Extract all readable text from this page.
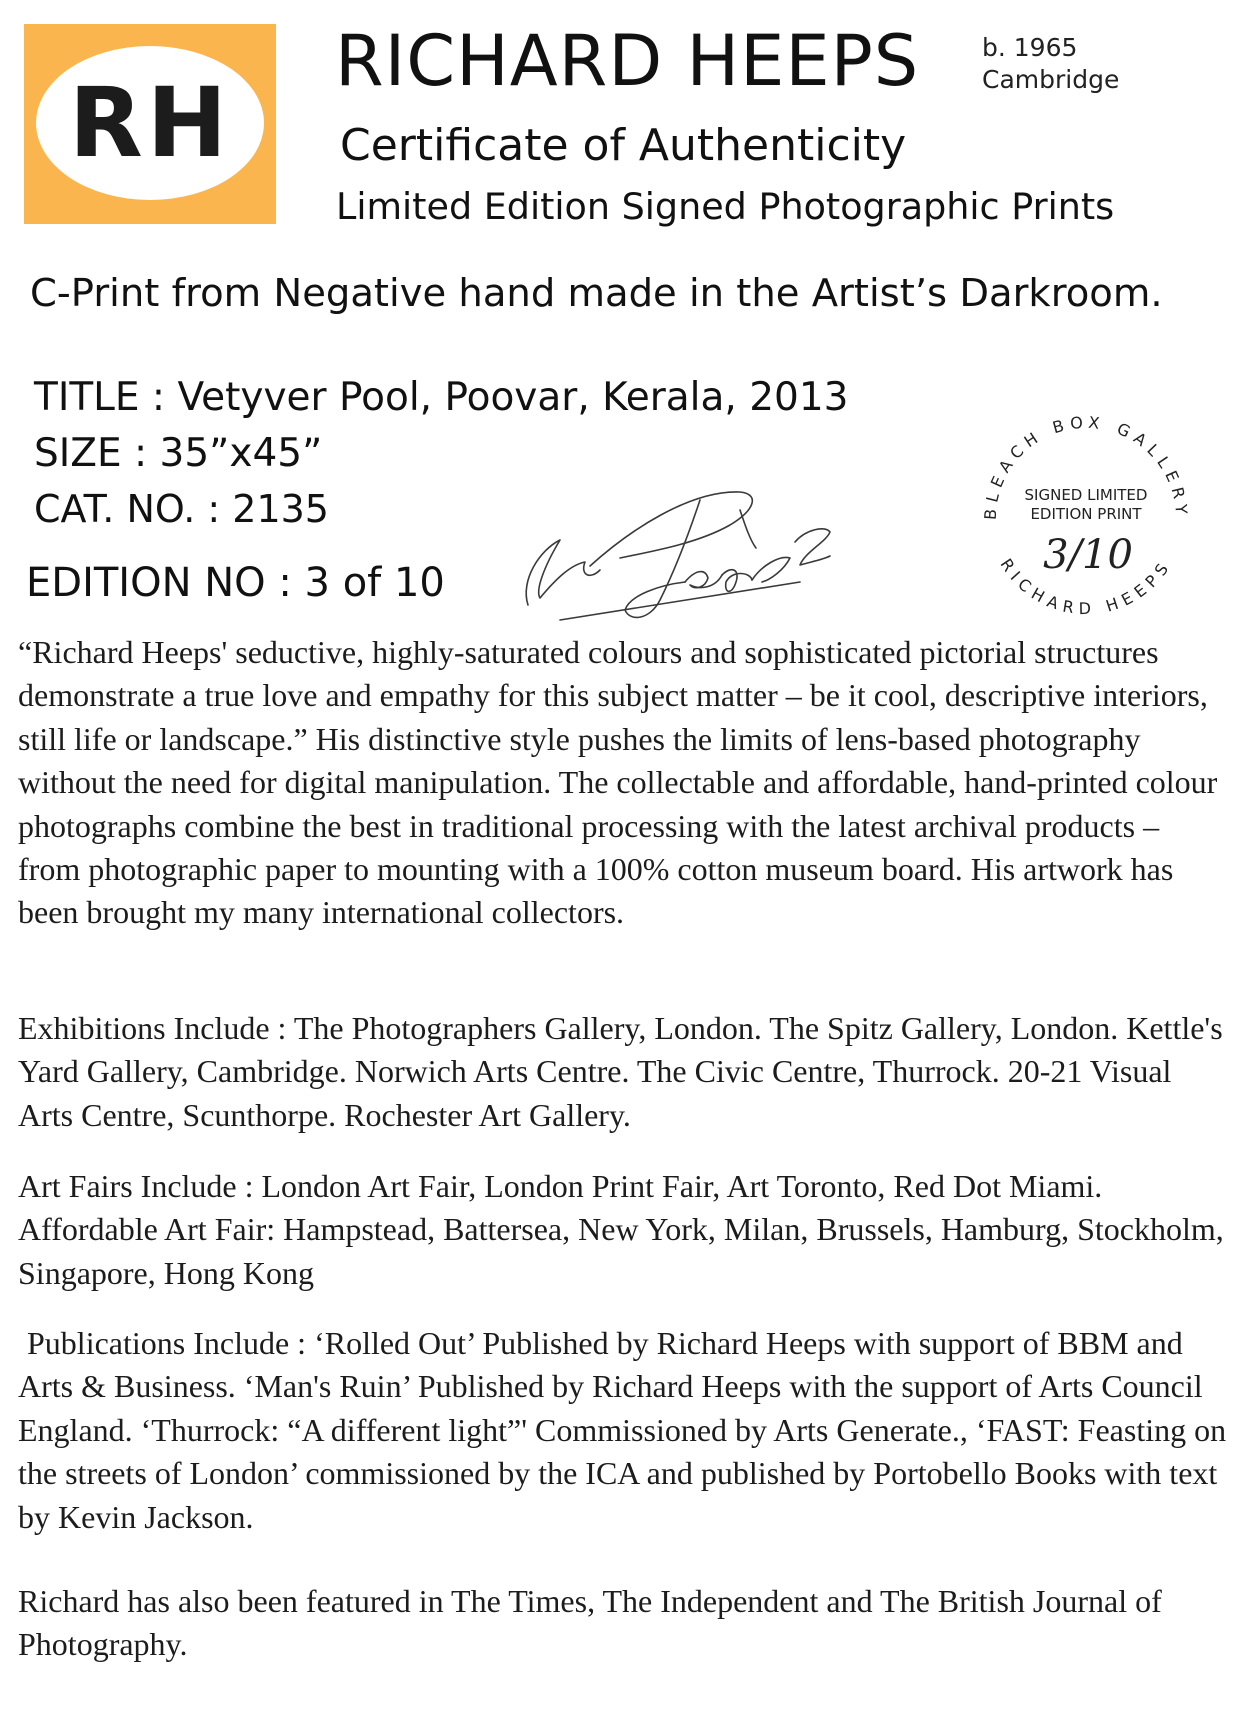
RH
RICHARD HEEPS	b. 1965
Cambridge
Certificate of Authenticity
Limited Edition Signed Photographic Prints
C-Print from Negative hand made in the Artist’s Darkroom.
TITLE : Vetyver Pool, Poovar, Kerala, 2013
SIZE : 35”x45”
CAT. NO. : 2135
EDITION NO : 3 of 10
BLEACH BOX GALLERY
RICHARD HEEPS
SIGNED LIMITED
EDITION PRINT
3/10

“Richard Heeps' seductive, highly-saturated colours and sophisticated pictorial structures demonstrate a true love and empathy for this subject matter – be it cool, descriptive interiors, still life or landscape.” His distinctive style pushes the limits of lens-based photography without the need for digital manipulation. The collectable and affordable, hand-printed colour photographs combine the best in traditional processing with the latest archival products – from photographic paper to mounting with a 100% cotton museum board. His artwork has been brought my many international collectors.

Exhibitions Include : The Photographers Gallery, London. The Spitz Gallery, London. Kettle's Yard Gallery, Cambridge. Norwich Arts Centre. The Civic Centre, Thurrock. 20-21 Visual Arts Centre, Scunthorpe. Rochester Art Gallery.

Art Fairs Include : London Art Fair, London Print Fair, Art Toronto, Red Dot Miami. Affordable Art Fair: Hampstead, Battersea, New York, Milan, Brussels, Hamburg, Stockholm, Singapore, Hong Kong

Publications Include : ‘Rolled Out’ Published by Richard Heeps with support of BBM and Arts & Business. ‘Man's Ruin’ Published by Richard Heeps with the support of Arts Council England. ‘Thurrock: “A different light”' Commissioned by Arts Generate., ‘FAST: Feasting on the streets of London’ commissioned by the ICA and published by Portobello Books with text by Kevin Jackson.

Richard has also been featured in The Times, The Independent and The British Journal of Photography.
